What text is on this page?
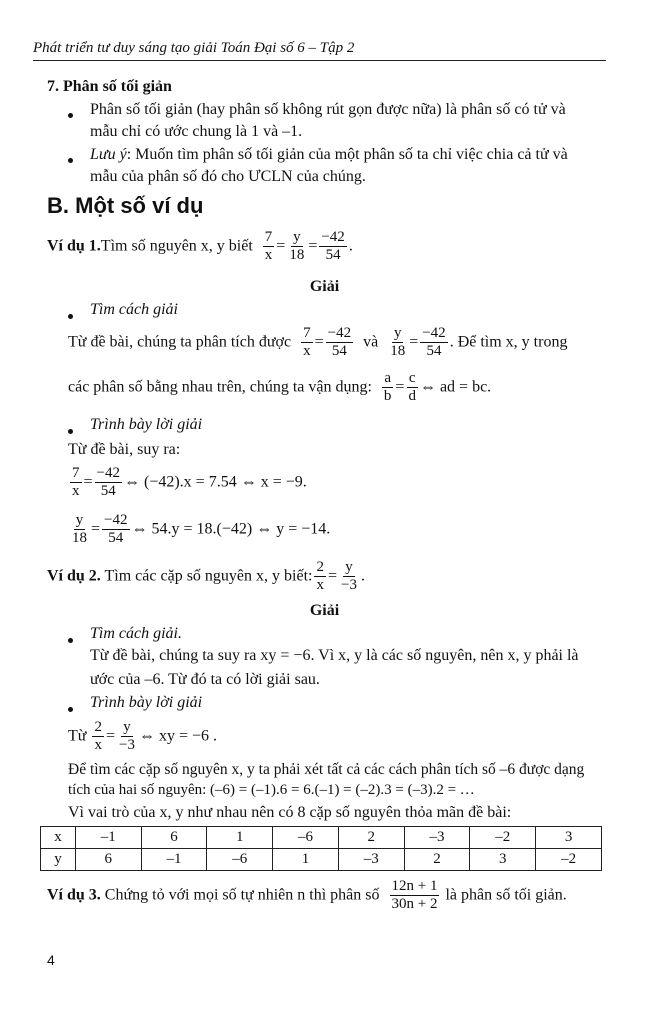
Phát triển tư duy sáng tạo giải Toán Đại số 6 – Tập 2
7. Phân số tối giản
Phân số tối giản (hay phân số không rút gọn được nữa) là phân số có tử và
mẫu chỉ có ước chung là 1 và –1.
Lưu ý: Muốn tìm phân số tối giản của một phân số ta chỉ việc chia cả tử và
mẫu của phân số đó cho ƯCLN của chúng.
B. Một số ví dụ
Ví dụ 1.Tìm số nguyên x, y biết $\frac{7}{x} = \frac{y}{18} = \frac{-42}{54}$ .
Giải
Tìm cách giải
Từ đề bài, chúng ta phân tích được $\frac{7}{x} = \frac{-42}{54}$ và $\frac{y}{18} = \frac{-42}{54}$ . Để tìm x, y trong
các phân số bằng nhau trên, chúng ta vận dụng: $\frac{a}{b} = \frac{c}{d}$ ⇔ ad = bc.
Trình bày lời giải
Từ đề bài, suy ra:
$\frac{7}{x} = \frac{-42}{54}$ ⇔ (−42).x = 7.54 ⇔ x = −9.
$\frac{y}{18} = \frac{-42}{54}$ ⇔ 54.y = 18.(−42) ⇔ y = −14.
Ví dụ 2. Tìm các cặp số nguyên x, y biết: $\frac{2}{x} = \frac{y}{-3}$ .
Giải
Tìm cách giải.
Từ đề bài, chúng ta suy ra xy = −6. Vì x, y là các số nguyên, nên x, y phải là
ước của –6. Từ đó ta có lời giải sau.
Trình bày lời giải
Từ $\frac{2}{x} = \frac{y}{-3}$ ⇔ xy = −6 .
Để tìm các cặp số nguyên x, y ta phải xét tất cả các cách phân tích số –6 được dạng
tích của hai số nguyên: (–6) = (–1).6 = 6.(–1) = (–2).3 = (–3).2 = …
Vì vai trò của x, y như nhau nên có 8 cặp số nguyên thỏa mãn đề bài:
x	–1	6	1	–6	2	–3	–2	3
y	6	–1	–6	1	–3	2	3	–2
Ví dụ 3. Chứng tỏ với mọi số tự nhiên n thì phân số $\frac{12n + 1}{30n + 2}$ là phân số tối giản.
4
